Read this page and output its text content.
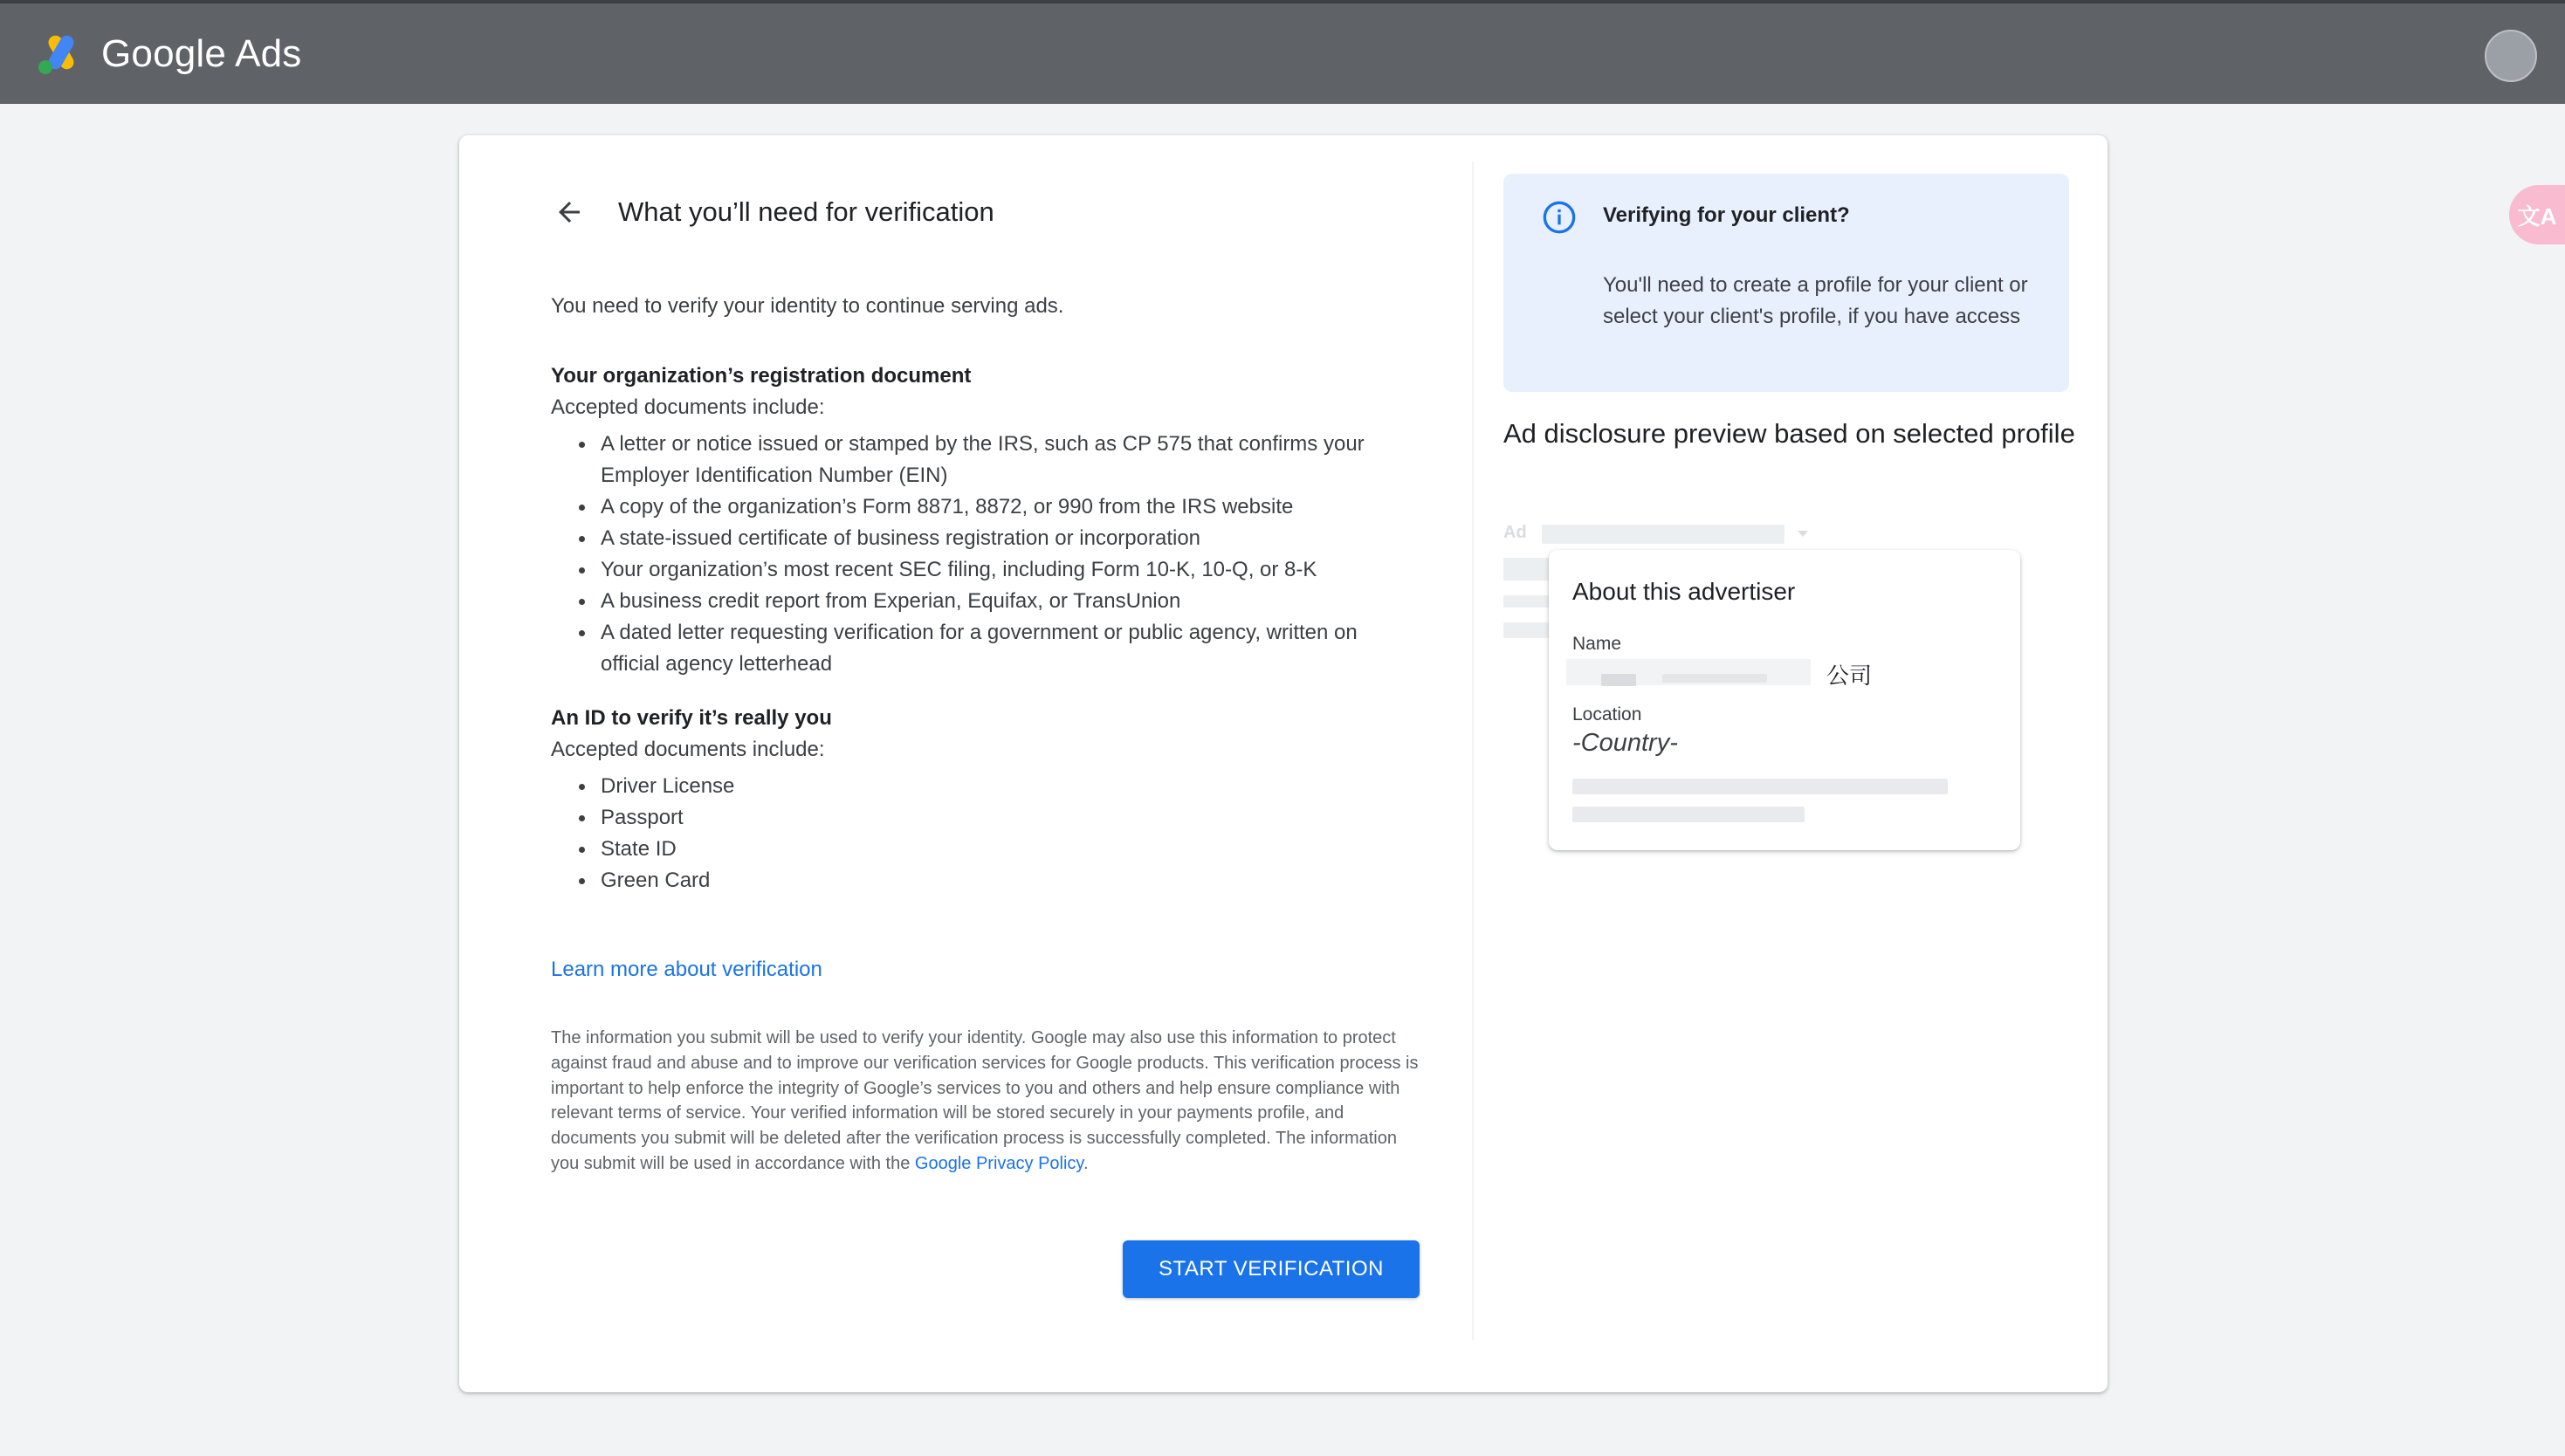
Google Ads
文A
What you’ll need for verification
You need to verify your identity to continue serving ads.
Your organization’s registration document
Accepted documents include:
A letter or notice issued or stamped by the IRS, such as CP 575 that confirms your Employer Identification Number (EIN)
A copy of the organization’s Form 8871, 8872, or 990 from the IRS website
A state-issued certificate of business registration or incorporation
Your organization’s most recent SEC filing, including Form 10-K, 10-Q, or 8-K
A business credit report from Experian, Equifax, or TransUnion
A dated letter requesting verification for a government or public agency, written on official agency letterhead
An ID to verify it’s really you
Accepted documents include:
Driver License
Passport
State ID
Green Card
Learn more about verification
The information you submit will be used to verify your identity. Google may also use this information to protect against fraud and abuse and to improve our verification services for Google products. This verification process is important to help enforce the integrity of Google’s services to you and others and help ensure compliance with relevant terms of service. Your verified information will be stored securely in your payments profile, and documents you submit will be deleted after the verification process is successfully completed. The information you submit will be used in accordance with the Google Privacy Policy.
START VERIFICATION
Verifying for your client?
You'll need to create a profile for your client or select your client's profile, if you have access
Ad disclosure preview based on selected profile
Ad
About this advertiser
Name
公司
Location
-Country-
